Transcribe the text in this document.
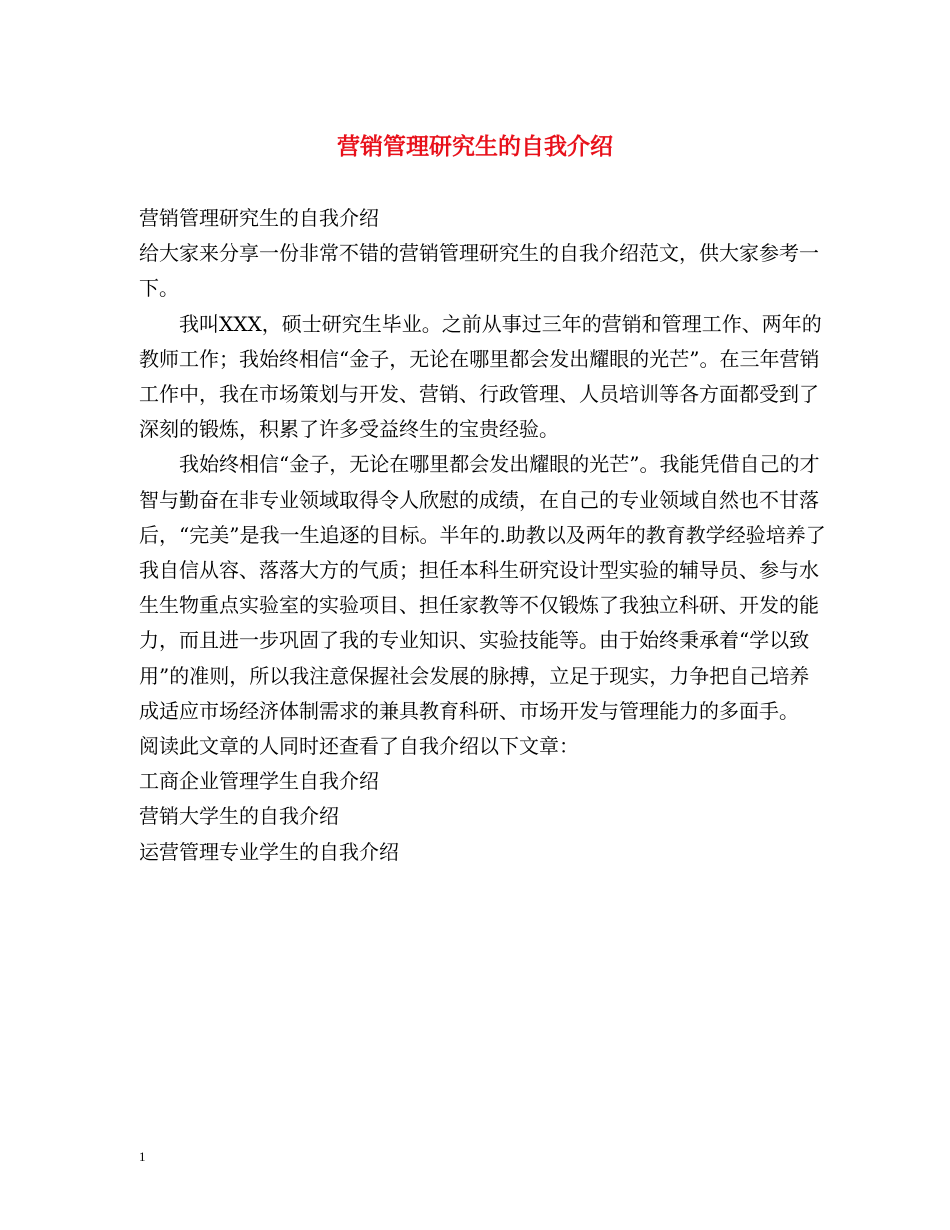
营销管理研究生的自我介绍

营销管理研究生的自我介绍

给大家来分享一份非常不错的营销管理研究生的自我介绍范文，供大家参考一下。

我叫XXX，硕士研究生毕业。之前从事过三年的营销和管理工作、两年的教师工作；我始终相信“金子，无论在哪里都会发出耀眼的光芒”。在三年营销工作中，我在市场策划与开发、营销、行政管理、人员培训等各方面都受到了深刻的锻炼，积累了许多受益终生的宝贵经验。

我始终相信“金子，无论在哪里都会发出耀眼的光芒”。我能凭借自己的才智与勤奋在非专业领域取得令人欣慰的成绩，在自己的专业领域自然也不甘落后，“完美”是我一生追逐的目标。半年的.助教以及两年的教育教学经验培养了我自信从容、落落大方的气质；担任本科生研究设计型实验的辅导员、参与水生生物重点实验室的实验项目、担任家教等不仅锻炼了我独立科研、开发的能力，而且进一步巩固了我的专业知识、实验技能等。由于始终秉承着“学以致用”的准则，所以我注意保握社会发展的脉搏，立足于现实，力争把自己培养成适应市场经济体制需求的兼具教育科研、市场开发与管理能力的多面手。

阅读此文章的人同时还查看了自我介绍以下文章：

工商企业管理学生自我介绍

营销大学生的自我介绍

运营管理专业学生的自我介绍

1
